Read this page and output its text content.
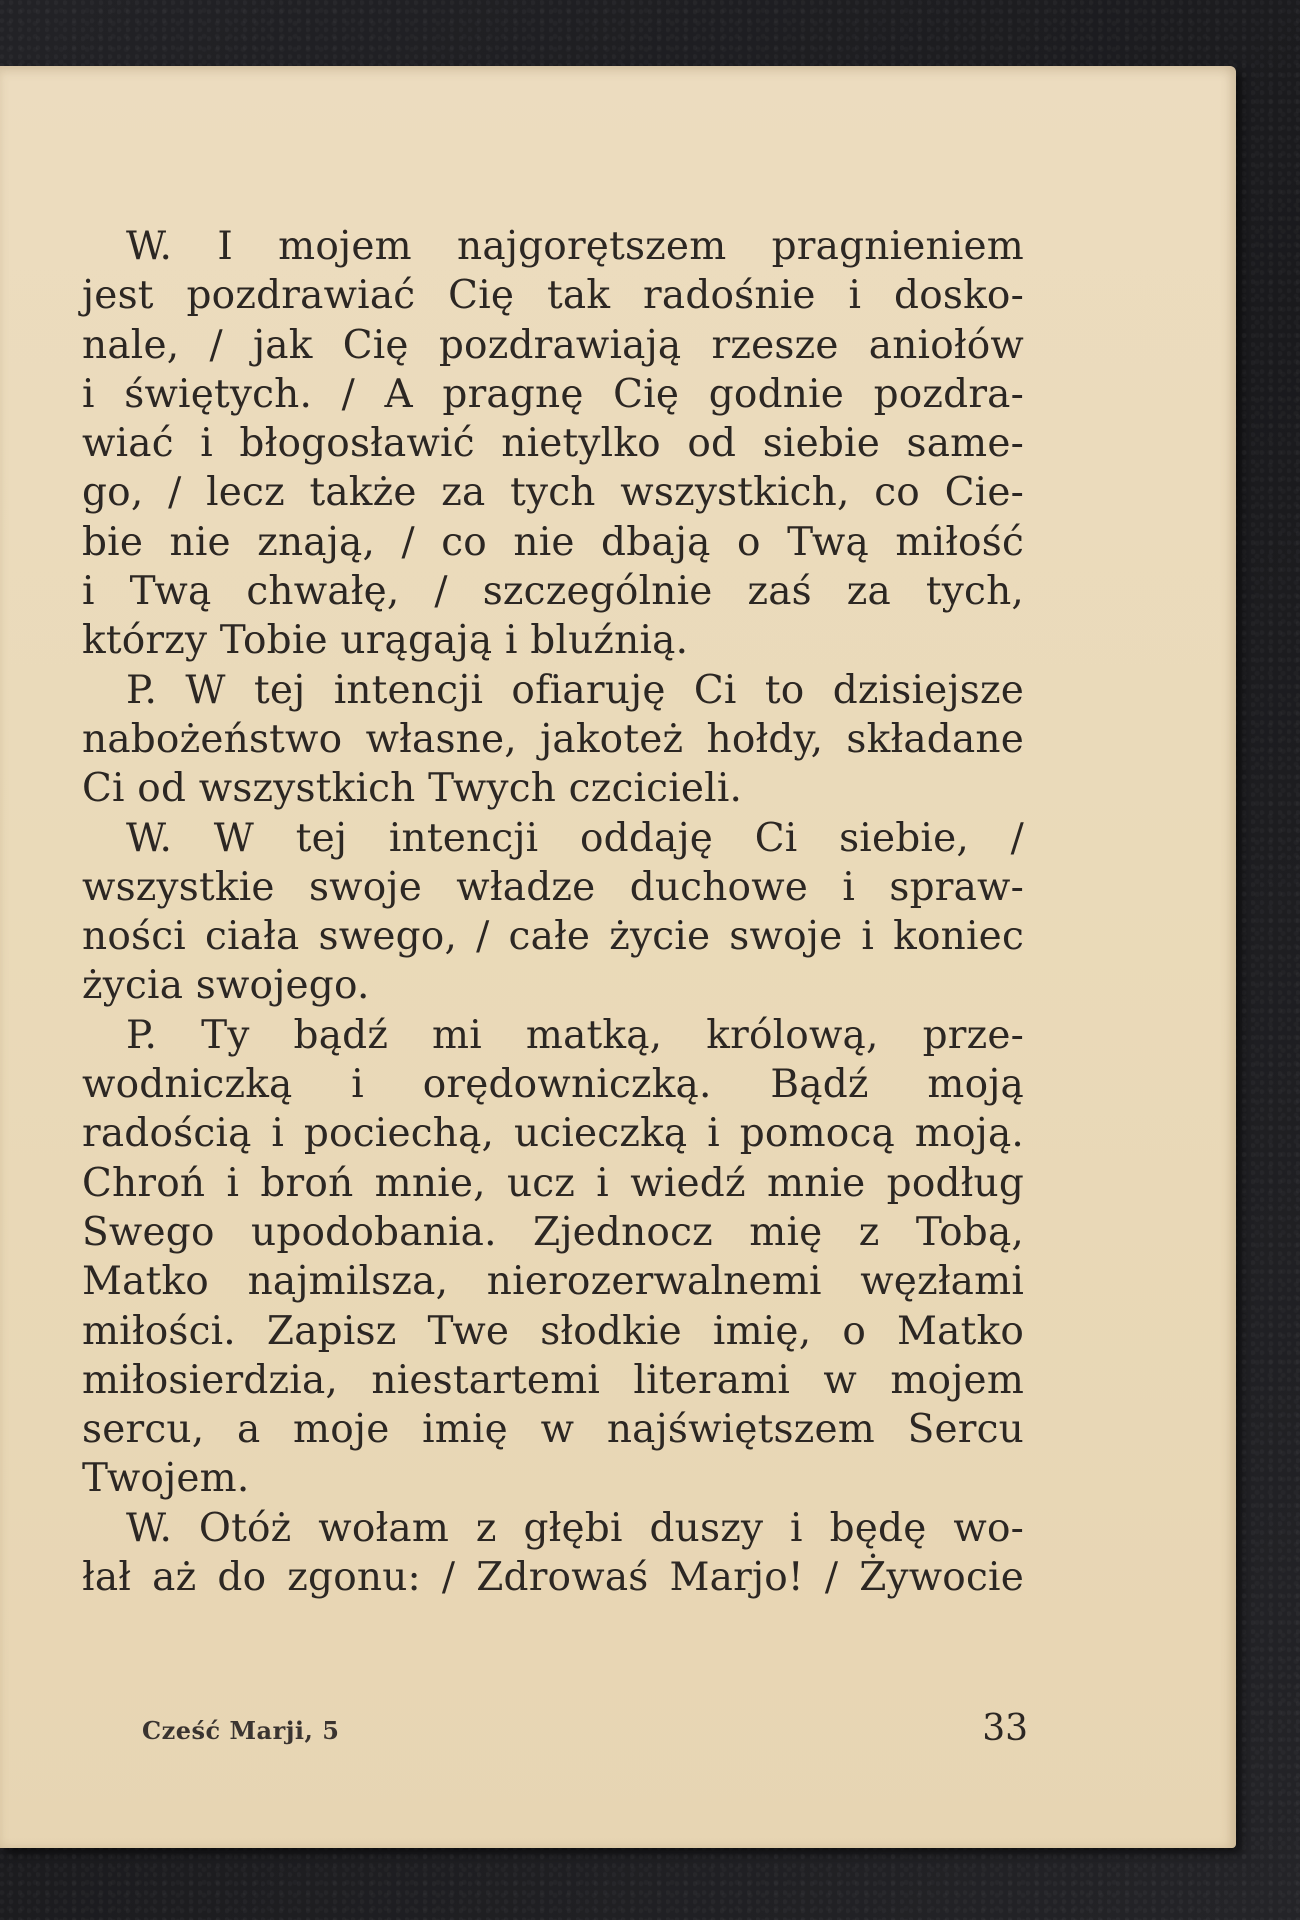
W. I mojem najgorętszem pragnieniem
jest pozdrawiać Cię tak radośnie i dosko-
nale, / jak Cię pozdrawiają rzesze aniołów
i świętych. / A pragnę Cię godnie pozdra-
wiać i błogosławić nietylko od siebie same-
go, / lecz także za tych wszystkich, co Cie-
bie nie znają, / co nie dbają o Twą miłość
i Twą chwałę, / szczególnie zaś za tych,
którzy Tobie urągają i bluźnią.
P. W tej intencji ofiaruję Ci to dzisiejsze
nabożeństwo własne, jakoteż hołdy, składane
Ci od wszystkich Twych czcicieli.
W. W tej intencji oddaję Ci siebie, /
wszystkie swoje władze duchowe i spraw-
ności ciała swego, / całe życie swoje i koniec
życia swojego.
P. Ty bądź mi matką, królową, prze-
wodniczką i orędowniczką. Bądź moją
radością i pociechą, ucieczką i pomocą moją.
Chroń i broń mnie, ucz i wiedź mnie podług
Swego upodobania. Zjednocz mię z Tobą,
Matko najmilsza, nierozerwalnemi węzłami
miłości. Zapisz Twe słodkie imię, o Matko
miłosierdzia, niestartemi literami w mojem
sercu, a moje imię w najświętszem Sercu
Twojem.
W. Otóż wołam z głębi duszy i będę wo-
łał aż do zgonu: / Zdrowaś Marjo! / Żywocie
Cześć Marji, 5	33
